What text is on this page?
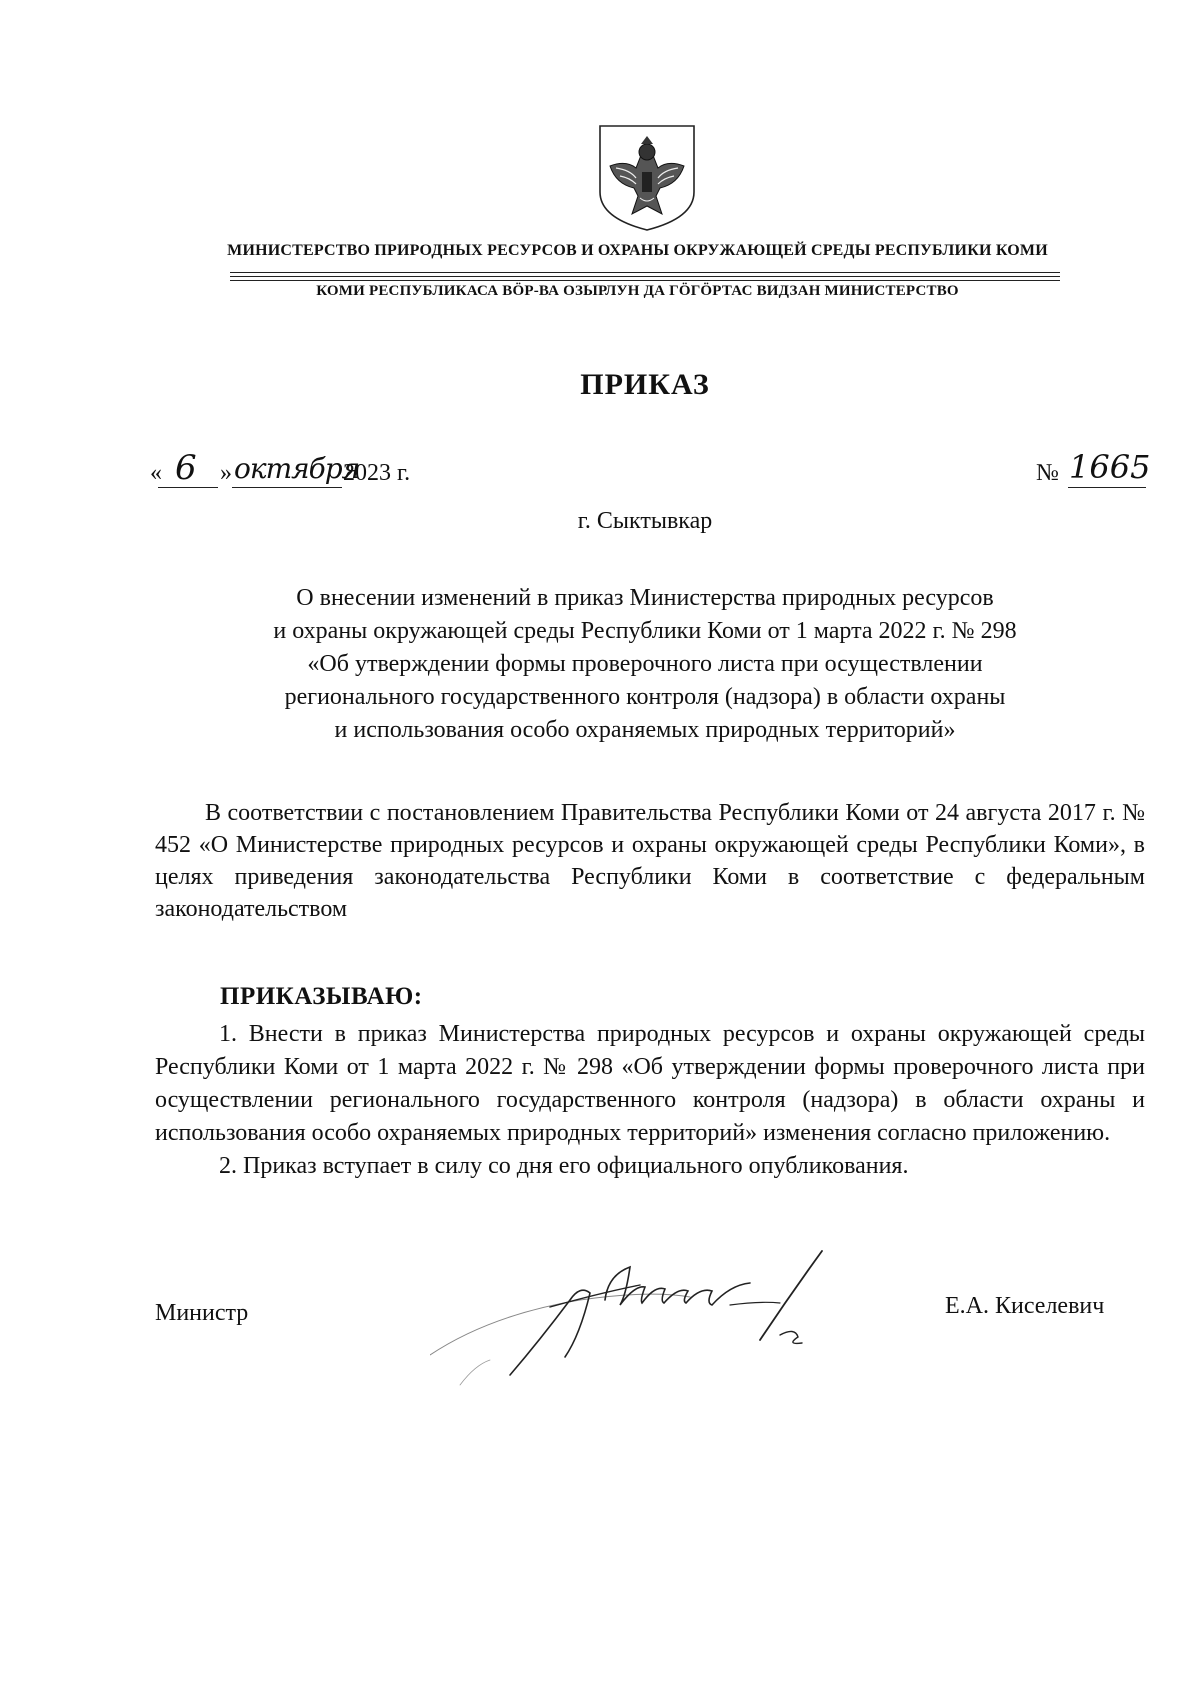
МИНИСТЕРСТВО ПРИРОДНЫХ РЕСУРСОВ И ОХРАНЫ ОКРУЖАЮЩЕЙ СРЕДЫ РЕСПУБЛИКИ КОМИ
КОМИ РЕСПУБЛИКАСА ВӦР-ВА ОЗЫРЛУН ДА ГӦГӦРТАС ВИДЗАН МИНИСТЕРСТВО
ПРИКАЗ
« 6 » октября
2023 г.	№ 1665
г. Сыктывкар
О внесении изменений в приказ Министерства природных ресурсов
и охраны окружающей среды Республики Коми от 1 марта 2022 г. № 298
«Об утверждении формы проверочного листа при осуществлении
регионального государственного контроля (надзора) в области охраны
и использования особо охраняемых природных территорий»

В соответствии с постановлением Правительства Республики Коми от 24 августа 2017 г. № 452 «О Министерстве природных ресурсов и охраны окружающей среды Республики Коми», в целях приведения законодательства Республики Коми в соответствие с федеральным законодательством

ПРИКАЗЫВАЮ:

1. Внести в приказ Министерства природных ресурсов и охраны окружающей среды Республики Коми от 1 марта 2022 г. № 298 «Об утверждении формы проверочного листа при осуществлении регионального государственного контроля (надзора) в области охраны и использования особо охраняемых природных территорий» изменения согласно приложению.

2. Приказ вступает в силу со дня его официального опубликования.

Министр	Е.А. Киселевич
